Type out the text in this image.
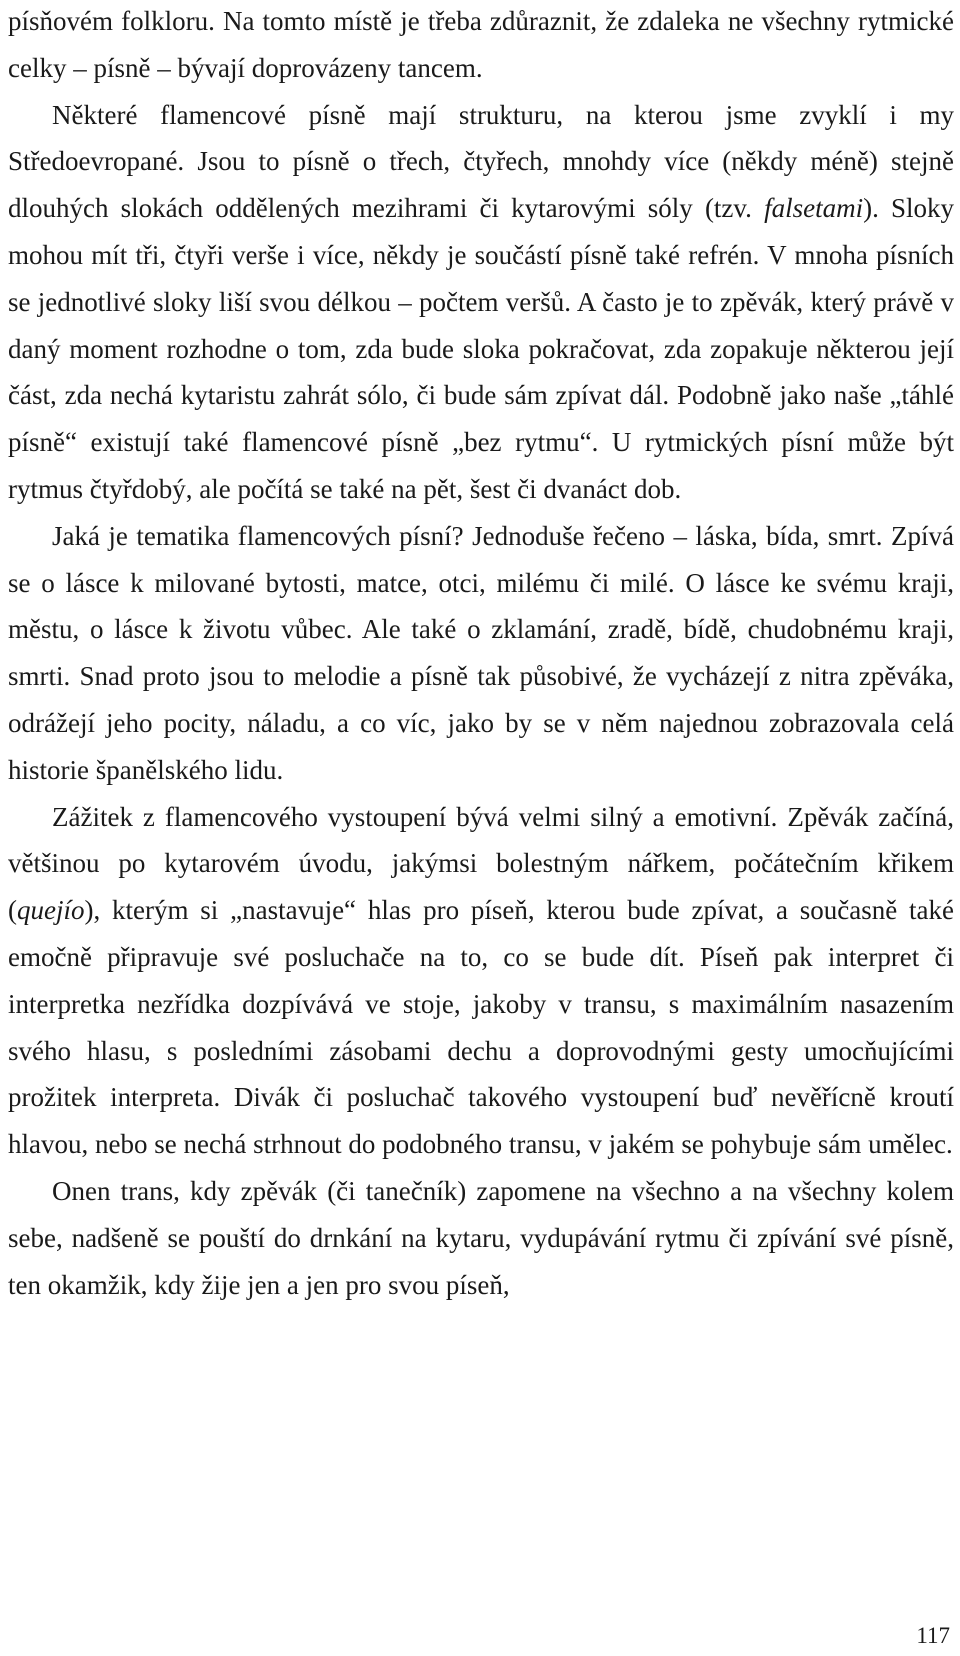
písňovém folkloru. Na tomto místě je třeba zdůraznit, že zdaleka ne všechny rytmické celky – písně – bývají doprovázeny tancem.

Některé flamencové písně mají strukturu, na kterou jsme zvyklí i my Středoevropané. Jsou to písně o třech, čtyřech, mnohdy více (někdy méně) stejně dlouhých slokách oddělených mezihrami či kytarovými sóly (tzv. falsetami). Sloky mohou mít tři, čtyři verše i více, někdy je součástí písně také refrén. V mnoha písních se jednotlivé sloky liší svou délkou – počtem veršů. A často je to zpěvák, který právě v daný moment rozhodne o tom, zda bude sloka pokračovat, zda zopakuje některou její část, zda nechá kytaristu zahrát sólo, či bude sám zpívat dál. Podobně jako naše „táhlé písně“ existují také flamencové písně „bez rytmu“. U rytmických písní může být rytmus čtyřdobý, ale počítá se také na pět, šest či dvanáct dob.

Jaká je tematika flamencových písní? Jednoduše řečeno – láska, bída, smrt. Zpívá se o lásce k milované bytosti, matce, otci, milému či milé. O lásce ke svému kraji, městu, o lásce k životu vůbec. Ale také o zklamání, zradě, bídě, chudobnému kraji, smrti. Snad proto jsou to melodie a písně tak působivé, že vycházejí z nitra zpěváka, odrážejí jeho pocity, náladu, a co víc, jako by se v něm najednou zobrazovala celá historie španělského lidu.

Zážitek z flamencového vystoupení bývá velmi silný a emotivní. Zpěvák začíná, většinou po kytarovém úvodu, jakýmsi bolestným nářkem, počátečním křikem (quejío), kterým si „nastavuje“ hlas pro píseň, kterou bude zpívat, a současně také emočně připravuje své posluchače na to, co se bude dít. Píseň pak interpret či interpretka nezřídka dozpívává ve stoje, jakoby v transu, s maximálním nasazením svého hlasu, s posledními zásobami dechu a doprovodnými gesty umocňujícími prožitek interpreta. Divák či posluchač takového vystoupení buď nevěřícně kroutí hlavou, nebo se nechá strhnout do podobného transu, v jakém se pohybuje sám umělec.

Onen trans, kdy zpěvák (či tanečník) zapomene na všechno a na všechny kolem sebe, nadšeně se pouští do drnkání na kytaru, vydupávání rytmu či zpívání své písně, ten okamžik, kdy žije jen a jen pro svou píseň,

117
